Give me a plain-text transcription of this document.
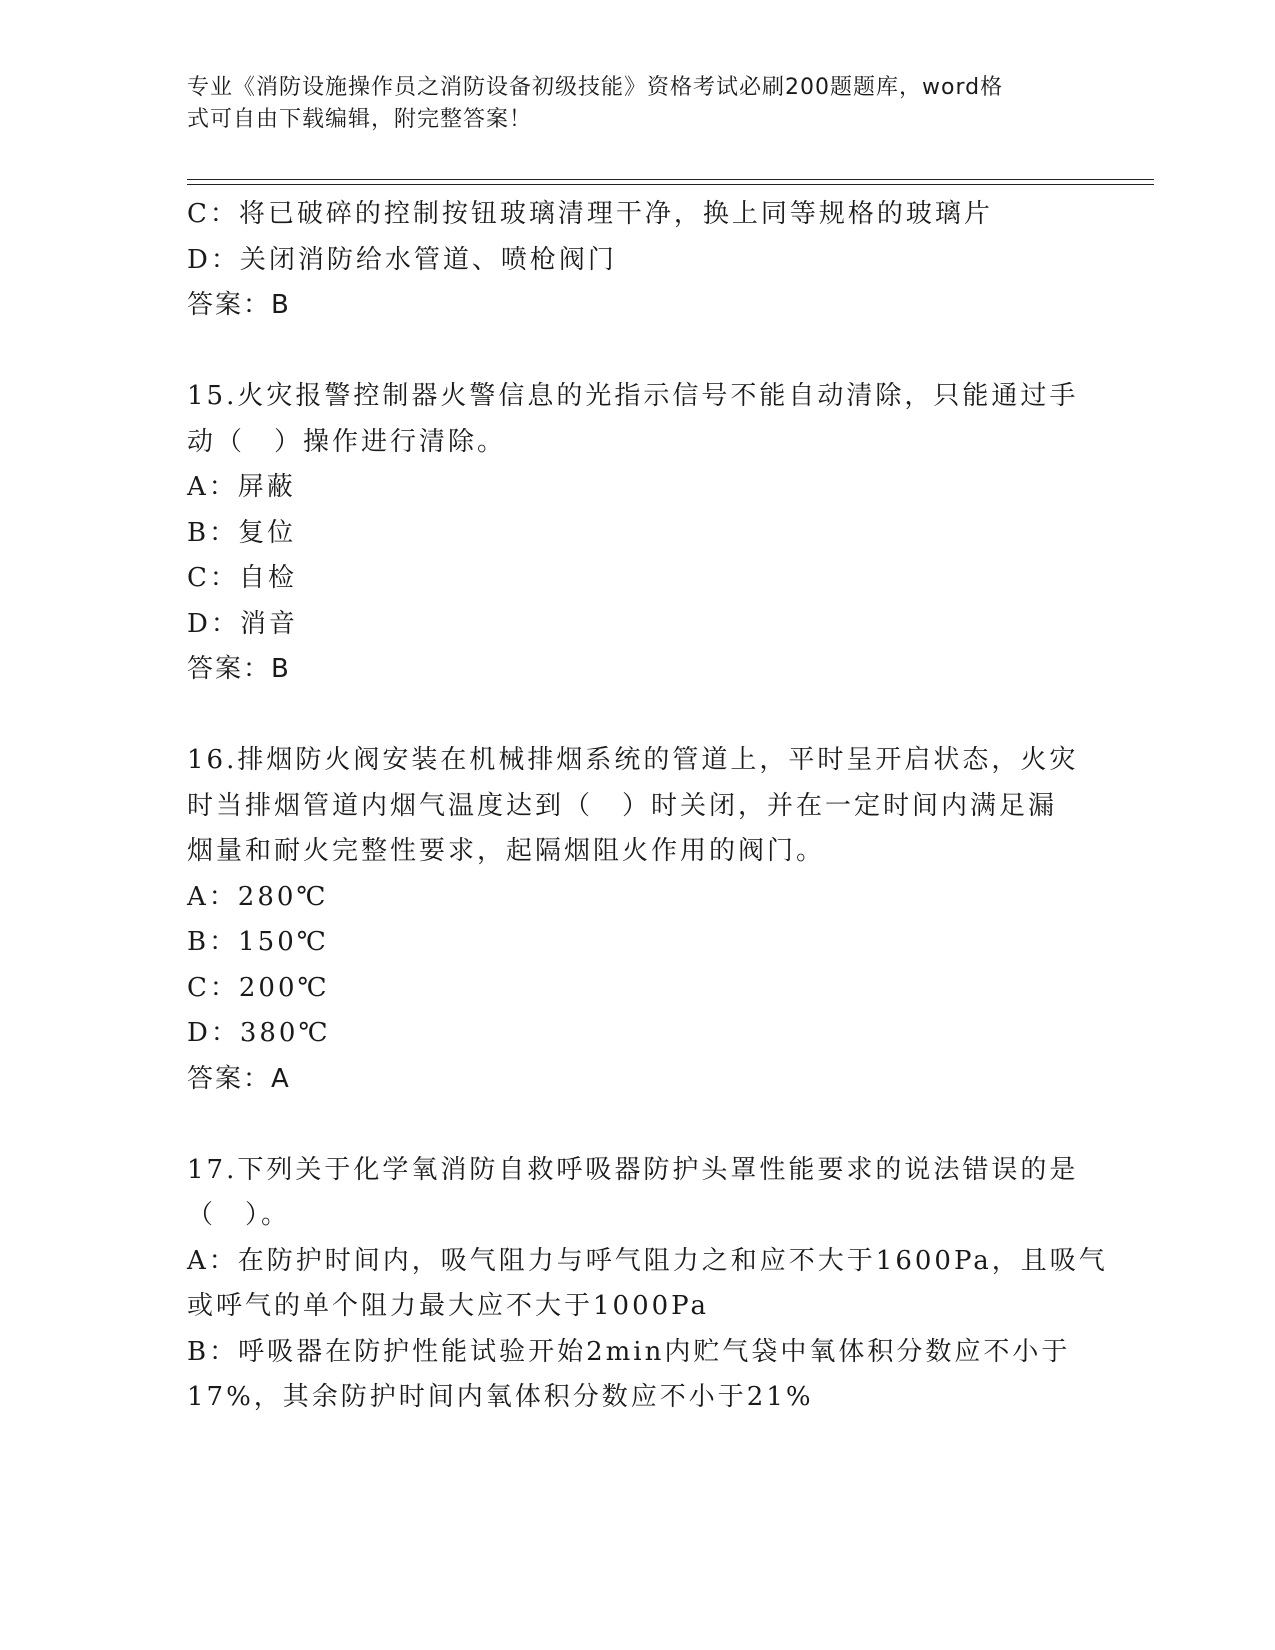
专业《消防设施操作员之消防设备初级技能》资格考试必刷200题题库，word格
式可自由下载编辑，附完整答案！
C：将已破碎的控制按钮玻璃清理干净，换上同等规格的玻璃片
D：关闭消防给水管道、喷枪阀门
答案：B
15.火灾报警控制器火警信息的光指示信号不能自动清除，只能通过手
动（　）操作进行清除。
A：屏蔽
B：复位
C：自检
D：消音
答案：B
16.排烟防火阀安装在机械排烟系统的管道上，平时呈开启状态，火灾
时当排烟管道内烟气温度达到（　）时关闭，并在一定时间内满足漏
烟量和耐火完整性要求，起隔烟阻火作用的阀门。
A：280℃
B：150℃
C：200℃
D：380℃
答案：A
17.下列关于化学氧消防自救呼吸器防护头罩性能要求的说法错误的是
（　）。
A：在防护时间内，吸气阻力与呼气阻力之和应不大于1600Pa，且吸气
或呼气的单个阻力最大应不大于1000Pa
B：呼吸器在防护性能试验开始2min内贮气袋中氧体积分数应不小于
17%，其余防护时间内氧体积分数应不小于21%
